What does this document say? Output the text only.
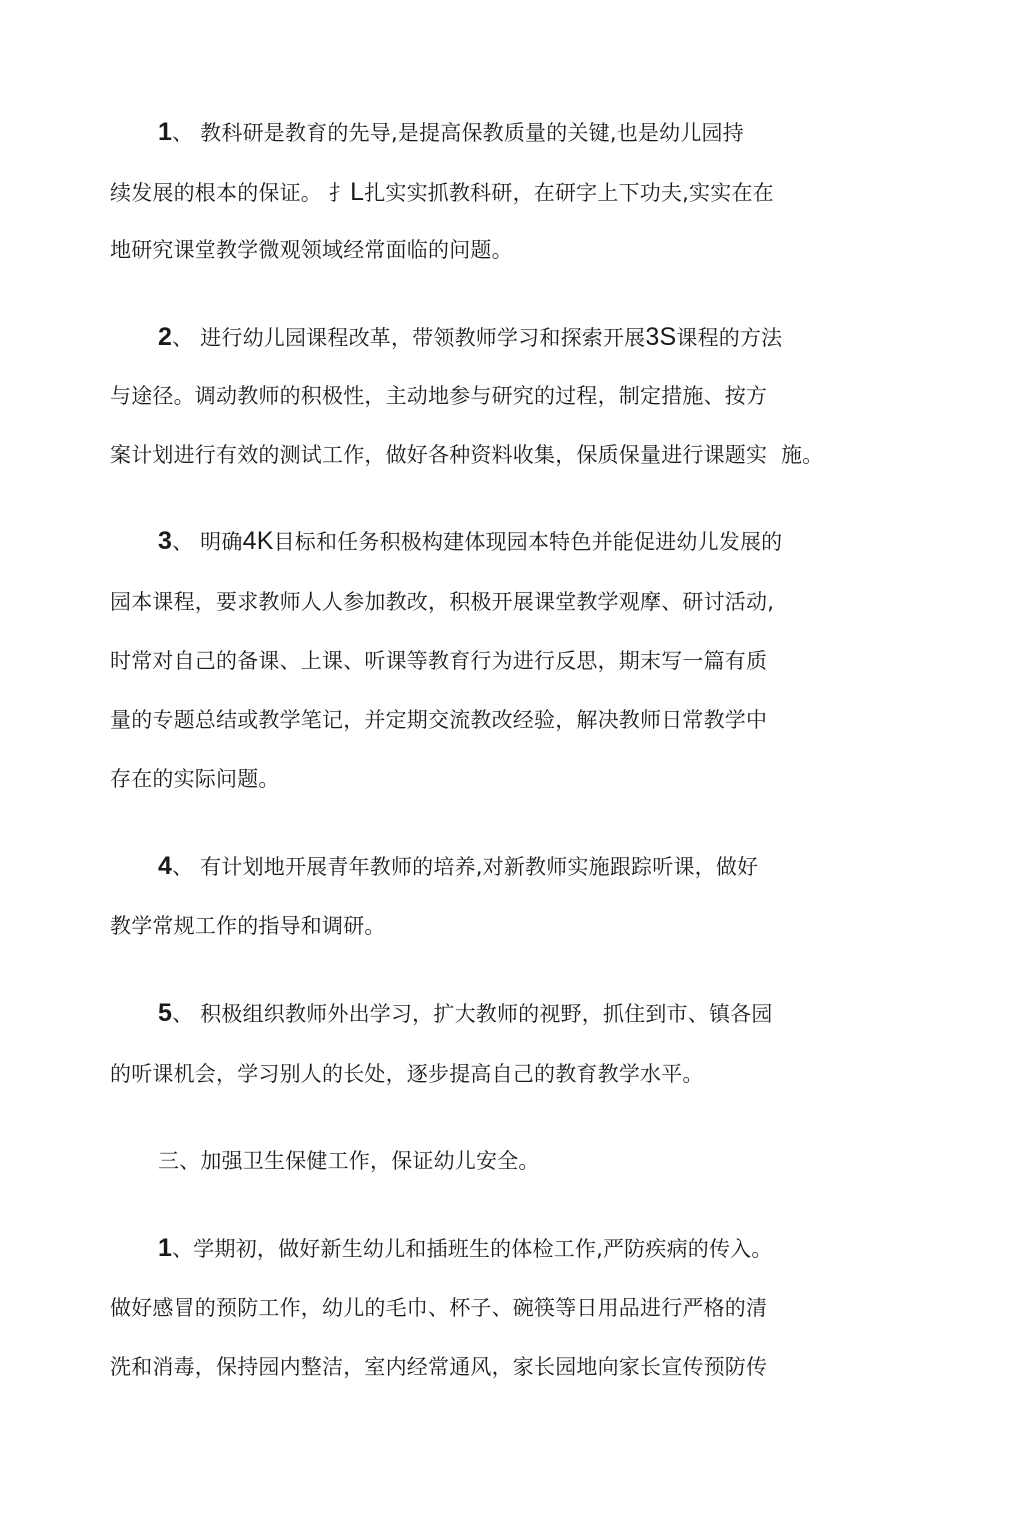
1、 教科研是教育的先导,是提高保教质量的关键,也是幼儿园持
续发展的根本的保证。 扌L扎实实抓教科研，在研字上下功夫,实实在在
地研究课堂教学微观领域经常面临的问题。
2、 进行幼儿园课程改革，带领教师学习和探索开展3S课程的方法
与途径。调动教师的积极性，主动地参与研究的过程，制定措施、按方
案计划进行有效的测试工作，做好各种资料收集，保质保量进行课题实  施。
3、 明确4K目标和任务积极构建体现园本特色并能促进幼儿发展的
园本课程，要求教师人人参加教改，积极开展课堂教学观摩、研讨活动,
时常对自己的备课、上课、听课等教育行为进行反思，期末写一篇有质
量的专题总结或教学笔记，并定期交流教改经验，解决教师日常教学中
存在的实际问题。
4、 有计划地开展青年教师的培养,对新教师实施跟踪听课，做好
教学常规工作的指导和调研。
5、 积极组织教师外出学习，扩大教师的视野，抓住到市、镇各园
的听课机会，学习别人的长处，逐步提高自己的教育教学水平。
三、加强卫生保健工作，保证幼儿安全。
1、学期初，做好新生幼儿和插班生的体检工作,严防疾病的传入。
做好感冒的预防工作，幼儿的毛巾、杯子、碗筷等日用品进行严格的清
洗和消毒，保持园内整洁，室内经常通风，家长园地向家长宣传预防传
